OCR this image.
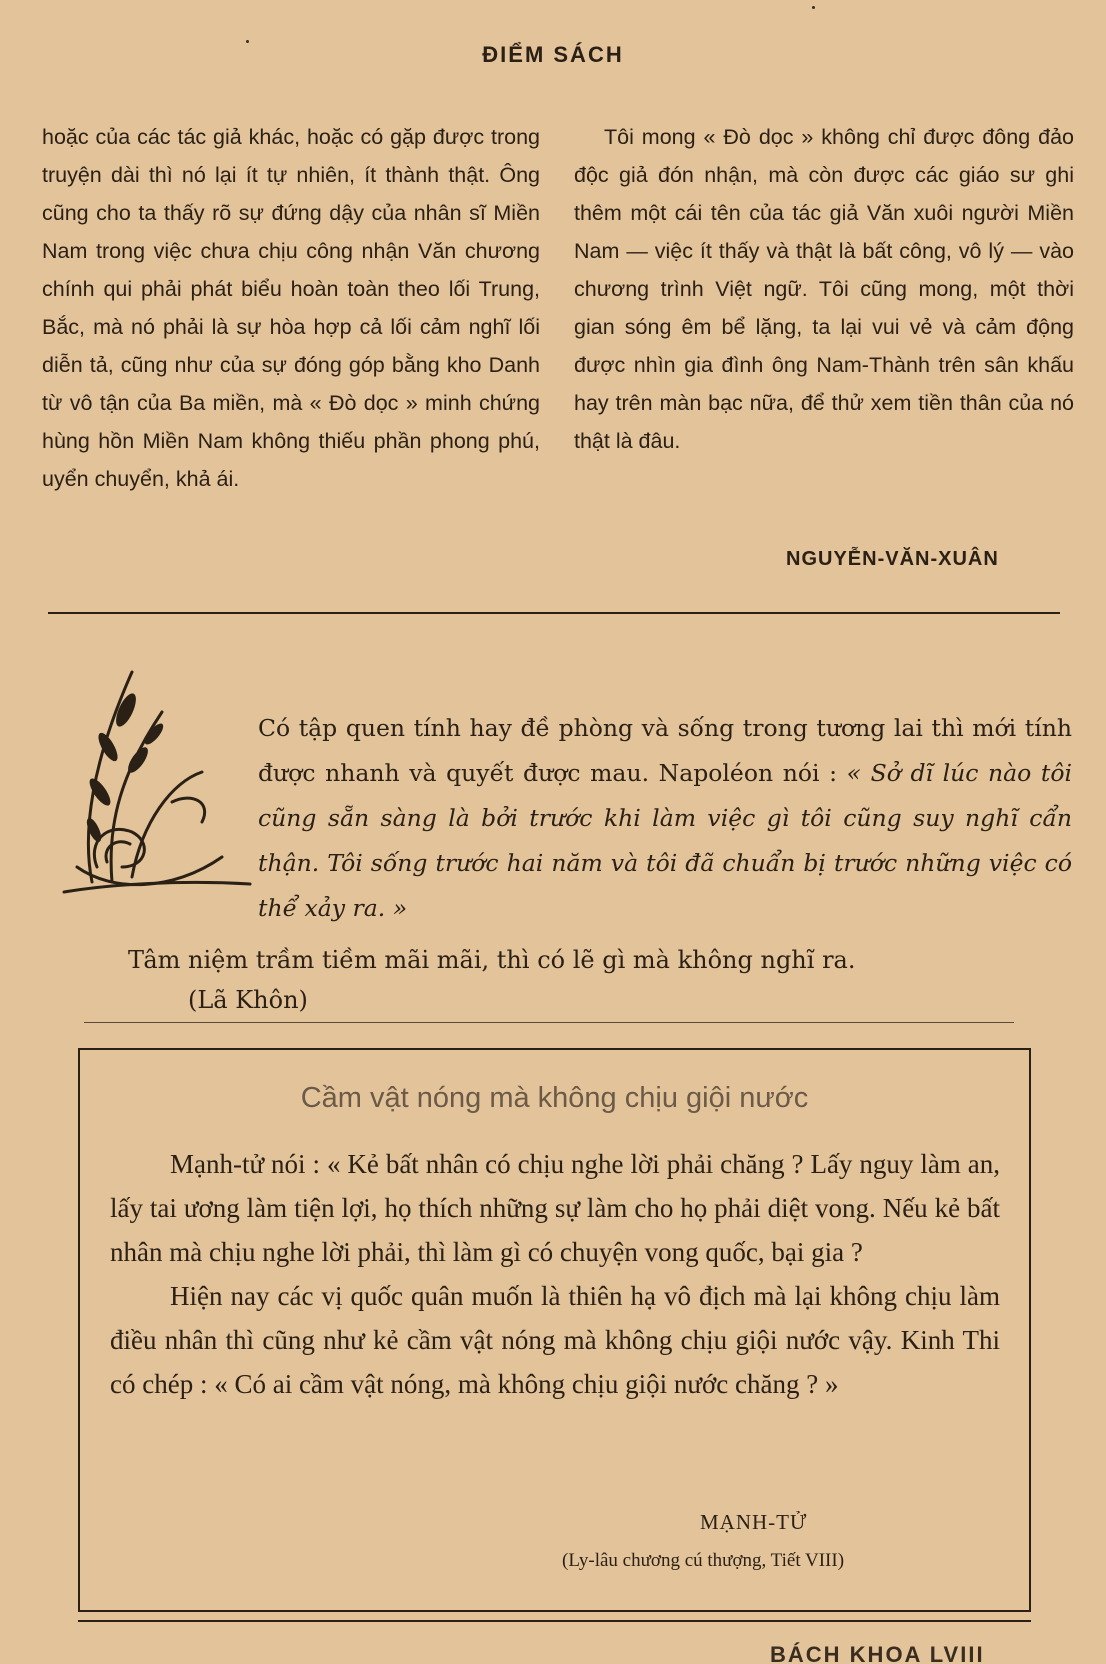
ĐIỂM SÁCH

hoặc của các tác giả khác, hoặc có gặp được trong truyện dài thì nó lại ít tự nhiên, ít thành thật. Ông cũng cho ta thấy rõ sự đứng dậy của nhân sĩ Miền Nam trong việc chưa chịu công nhận Văn chương chính qui phải phát biểu hoàn toàn theo lối Trung, Bắc, mà nó phải là sự hòa hợp cả lối cảm nghĩ lối diễn tả, cũng như của sự đóng góp bằng kho Danh từ vô tận của Ba miền, mà « Đò dọc » minh chứng hùng hồn Miền Nam không thiếu phần phong phú, uyển chuyển, khả ái.

Tôi mong « Đò dọc » không chỉ được đông đảo độc giả đón nhận, mà còn được các giáo sư ghi thêm một cái tên của tác giả Văn xuôi người Miền Nam — việc ít thấy và thật là bất công, vô lý — vào chương trình Việt ngữ. Tôi cũng mong, một thời gian sóng êm bể lặng, ta lại vui vẻ và cảm động được nhìn gia đình ông Nam-Thành trên sân khấu hay trên màn bạc nữa, để thử xem tiền thân của nó thật là đâu.

NGUYỄN-VĂN-XUÂN
Có tập quen tính hay đề phòng và sống trong tương lai thì mới tính được nhanh và quyết được mau. Napoléon nói : « Sở dĩ lúc nào tôi cũng sẵn sàng là bởi trước khi làm việc gì tôi cũng suy nghĩ cẩn thận. Tôi sống trước hai năm và tôi đã chuẩn bị trước những việc có thể xảy ra. »
Tâm niệm trầm tiềm mãi mãi, thì có lẽ gì mà không nghĩ ra.
(Lã Khôn)
Cầm vật nóng mà không chịu giội nước

Mạnh-tử nói : « Kẻ bất nhân có chịu nghe lời phải chăng ? Lấy nguy làm an, lấy tai ương làm tiện lợi, họ thích những sự làm cho họ phải diệt vong. Nếu kẻ bất nhân mà chịu nghe lời phải, thì làm gì có chuyện vong quốc, bại gia ?

Hiện nay các vị quốc quân muốn là thiên hạ vô địch mà lại không chịu làm điều nhân thì cũng như kẻ cầm vật nóng mà không chịu giội nước vậy. Kinh Thi có chép : « Có ai cầm vật nóng, mà không chịu giội nước chăng ? »

MẠNH-TỬ
(Ly-lâu chương cú thượng, Tiết VIII)
BÁCH KHOA LVIII
